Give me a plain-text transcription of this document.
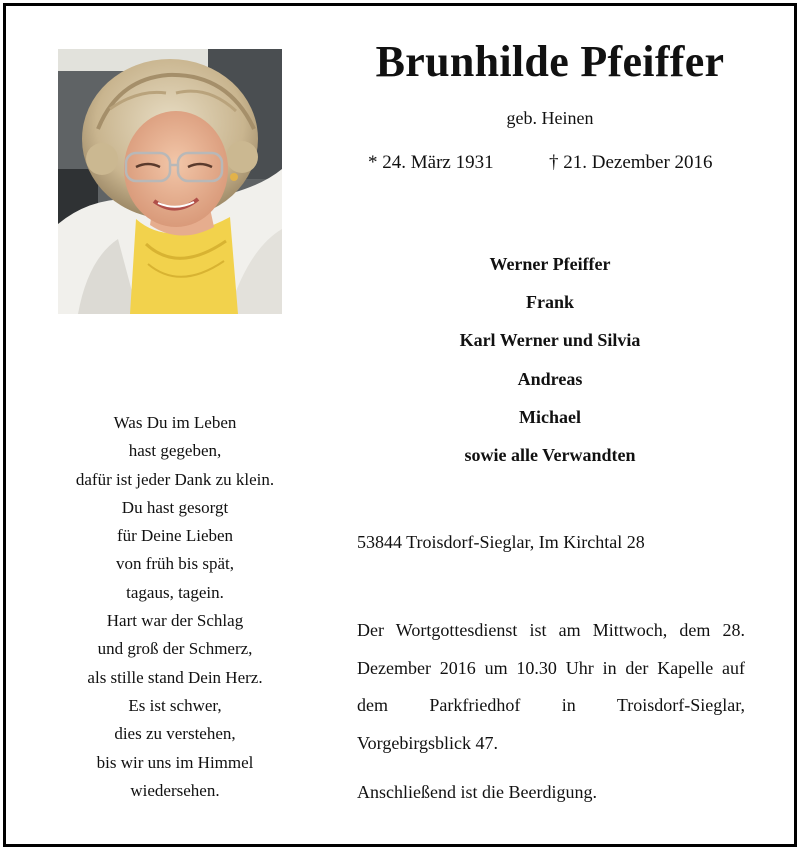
Brunhilde Pfeiffer
geb. Heinen
* 24. März 1931	† 21. Dezember 2016
Was Du im Leben
hast gegeben,
dafür ist jeder Dank zu klein.
Du hast gesorgt
für Deine Lieben
von früh bis spät,
tagaus, tagein.
Hart war der Schlag
und groß der Schmerz,
als stille stand Dein Herz.
Es ist schwer,
dies zu verstehen,
bis wir uns im Himmel
wiedersehen.
Werner Pfeiffer
Frank
Karl Werner und Silvia
Andreas
Michael
sowie alle Verwandten
53844 Troisdorf-Sieglar, Im Kirchtal 28
Der Wortgottesdienst ist am Mittwoch, dem 28. Dezember 2016 um 10.30 Uhr in der Kapelle auf dem Parkfriedhof in Troisdorf-Sieglar, Vorgebirgsblick 47.
Anschließend ist die Beerdigung.
